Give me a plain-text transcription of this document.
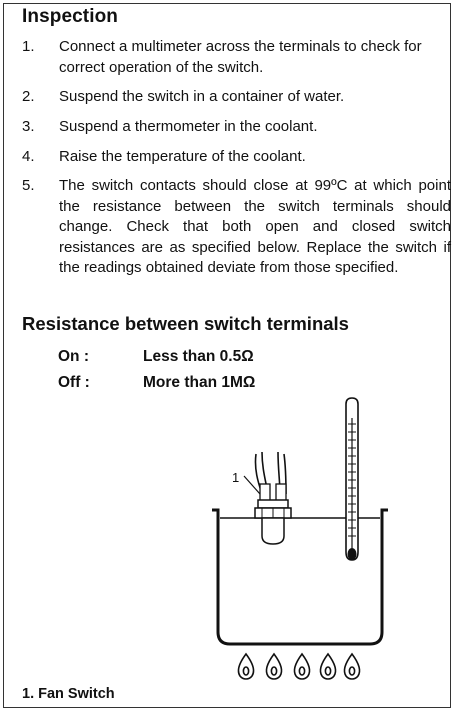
Inspection
1. Connect a multimeter across the terminals to check for correct operation of the switch.
2. Suspend the switch in a container of water.
3. Suspend a thermometer in the coolant.
4. Raise the temperature of the coolant.
5. The switch contacts should close at 99ºC at which point the resistance between the switch terminals should change. Check that both open and closed switch resistances are as specified below. Replace the switch if the readings obtained deviate from those specified.
Resistance between switch terminals
On :	Less than 0.5Ω
Off :	More than 1MΩ
1
1. Fan Switch
